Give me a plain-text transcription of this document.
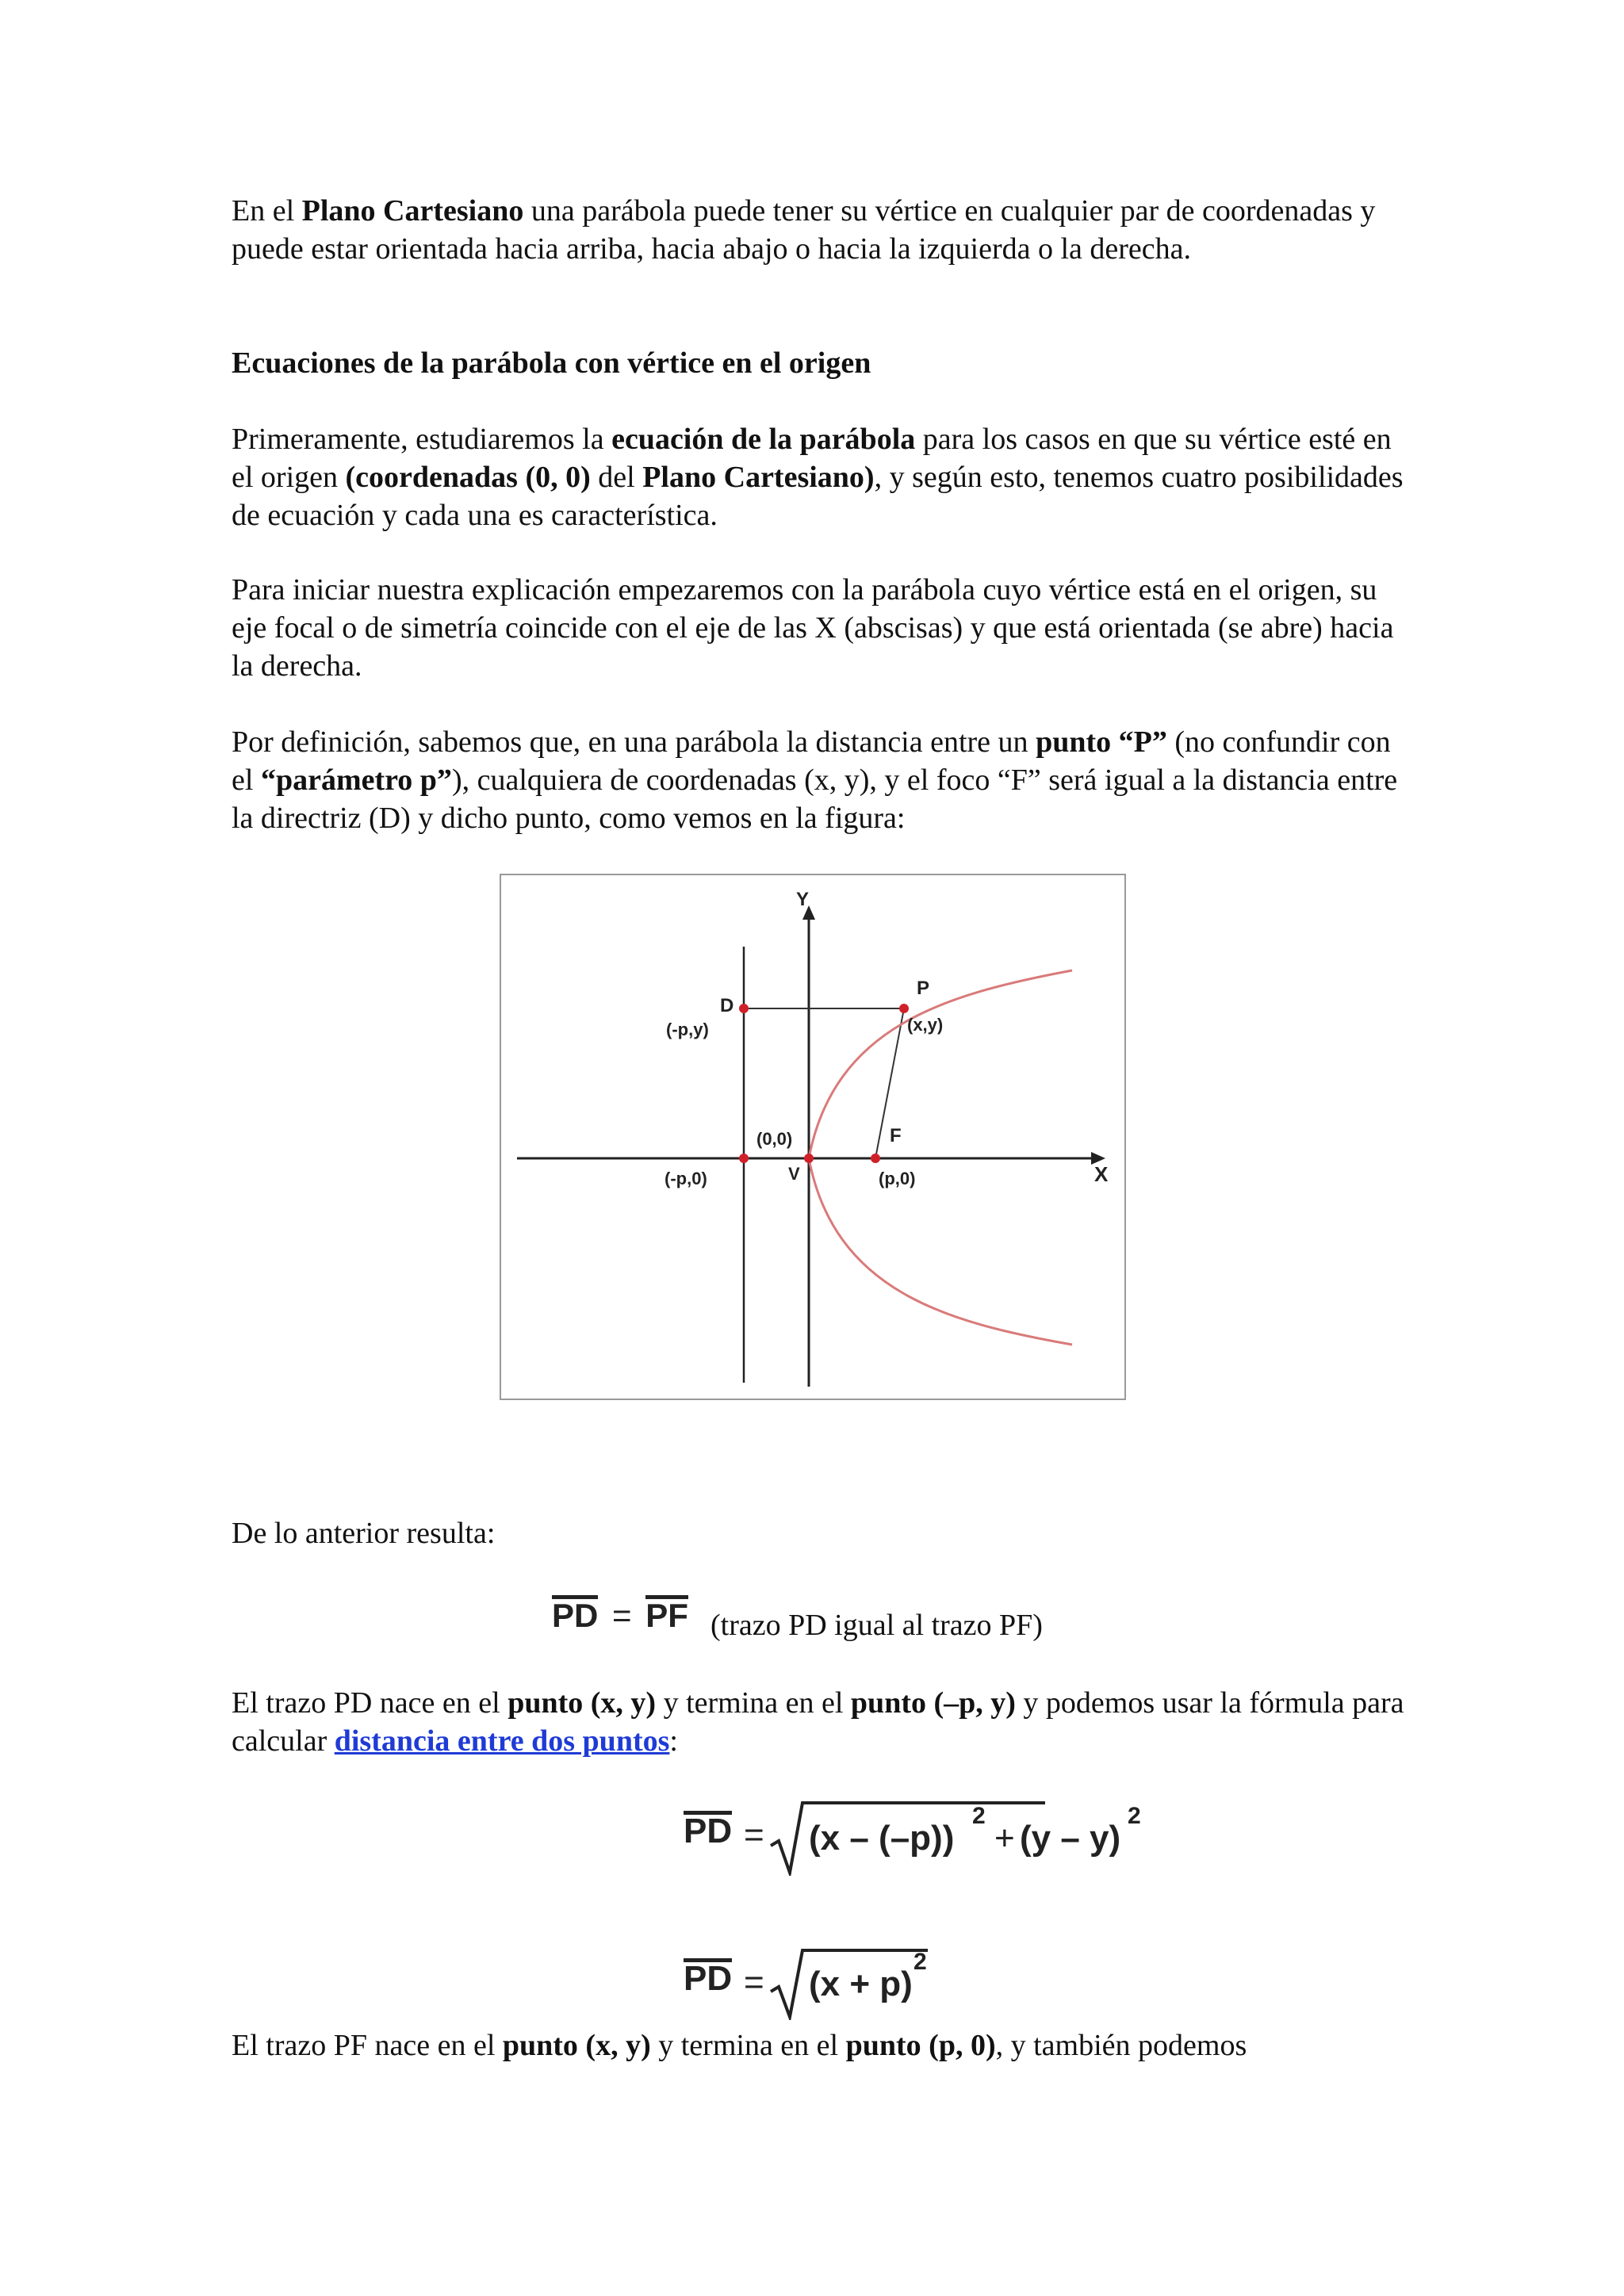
En el Plano Cartesiano una parábola puede tener su vértice en cualquier par de coordenadas y puede estar orientada hacia arriba, hacia abajo o hacia la izquierda o la derecha.

Ecuaciones de la parábola con vértice en el origen

Primeramente, estudiaremos la ecuación de la parábola para los casos en que su vértice esté en el origen (coordenadas (0, 0) del Plano Cartesiano), y según esto, tenemos cuatro posibilidades de ecuación y cada una es característica.

Para iniciar nuestra explicación empezaremos con la parábola cuyo vértice está en el origen, su eje focal o de simetría coincide con el eje de las X (abscisas) y que está orientada (se abre) hacia la derecha.

Por definición, sabemos que, en una parábola la distancia entre un punto “P” (no confundir con el “parámetro p”), cualquiera de coordenadas (x, y), y el foco “F” será igual a la distancia entre la directriz (D) y dicho punto, como vemos en la figura:

Y
X
D
(-p,y)
P
(x,y)
(0,0)
V
F
(p,0)
(-p,0)

De lo anterior resulta:

PD = PF (trazo PD igual al trazo PF)

El trazo PD nace en el punto (x, y) y termina en el punto (–p, y) y podemos usar la fórmula para calcular distancia entre dos puntos:

PD = (x – (–p))
2
+ (y – y)
2
PD = (x + p)
2

El trazo PF nace en el punto (x, y) y termina en el punto (p, 0), y también podemos
